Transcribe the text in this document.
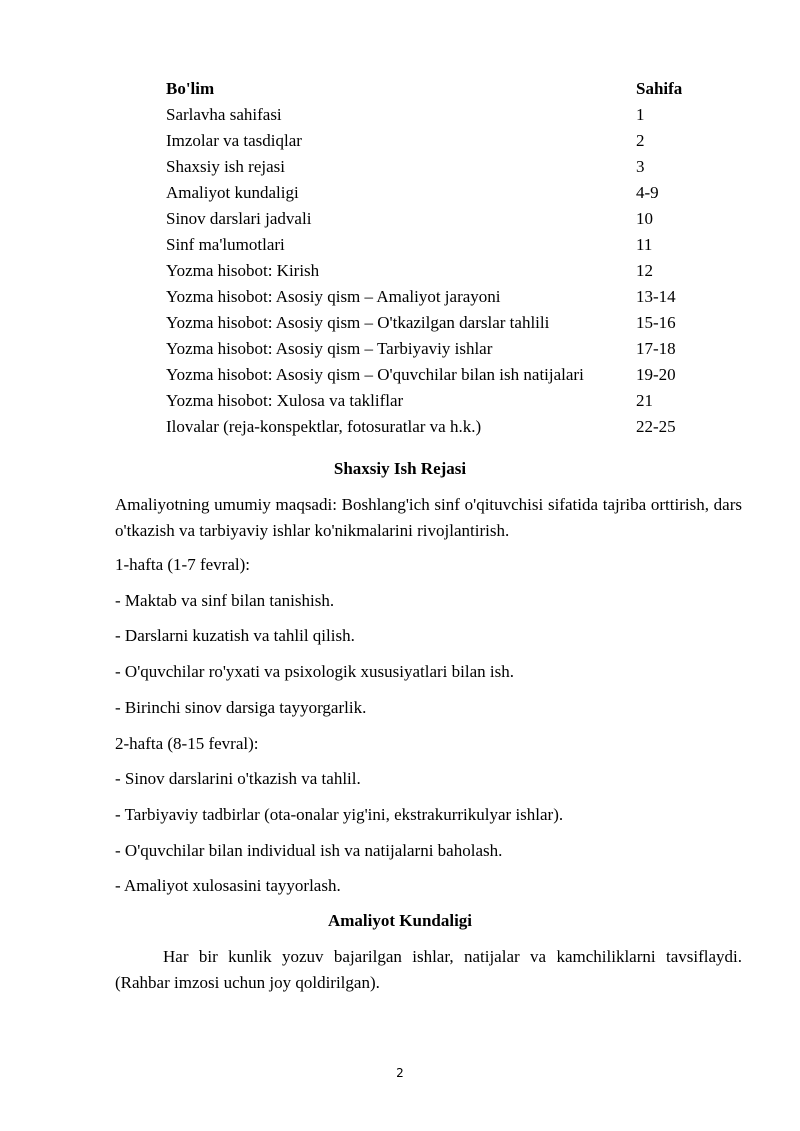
Bo'lim	Sahifa
Sarlavha sahifasi	1
Imzolar va tasdiqlar	2
Shaxsiy ish rejasi	3
Amaliyot kundaligi	4-9
Sinov darslari jadvali	10
Sinf ma'lumotlari	11
Yozma hisobot: Kirish	12
Yozma hisobot: Asosiy qism – Amaliyot jarayoni	13-14
Yozma hisobot: Asosiy qism – O'tkazilgan darslar tahlili	15-16
Yozma hisobot: Asosiy qism – Tarbiyaviy ishlar	17-18
Yozma hisobot: Asosiy qism – O'quvchilar bilan ish natijalari	19-20
Yozma hisobot: Xulosa va takliflar	21
Ilovalar (reja-konspektlar, fotosuratlar va h.k.)	22-25
Shaxsiy Ish Rejasi
Amaliyotning umumiy maqsadi: Boshlang'ich sinf o'qituvchisi sifatida tajriba orttirish, dars o'tkazish va tarbiyaviy ishlar ko'nikmalarini rivojlantirish.
1-hafta (1-7 fevral):
- Maktab va sinf bilan tanishish.
- Darslarni kuzatish va tahlil qilish.
- O'quvchilar ro'yxati va psixologik xususiyatlari bilan ish.
- Birinchi sinov darsiga tayyorgarlik.
2-hafta (8-15 fevral):
- Sinov darslarini o'tkazish va tahlil.
- Tarbiyaviy tadbirlar (ota-onalar yig'ini, ekstrakurrikulyar ishlar).
- O'quvchilar bilan individual ish va natijalarni baholash.
- Amaliyot xulosasini tayyorlash.
Amaliyot Kundaligi
Har bir kunlik yozuv bajarilgan ishlar, natijalar va kamchiliklarni tavsiflaydi. (Rahbar imzosi uchun joy qoldirilgan).
2
